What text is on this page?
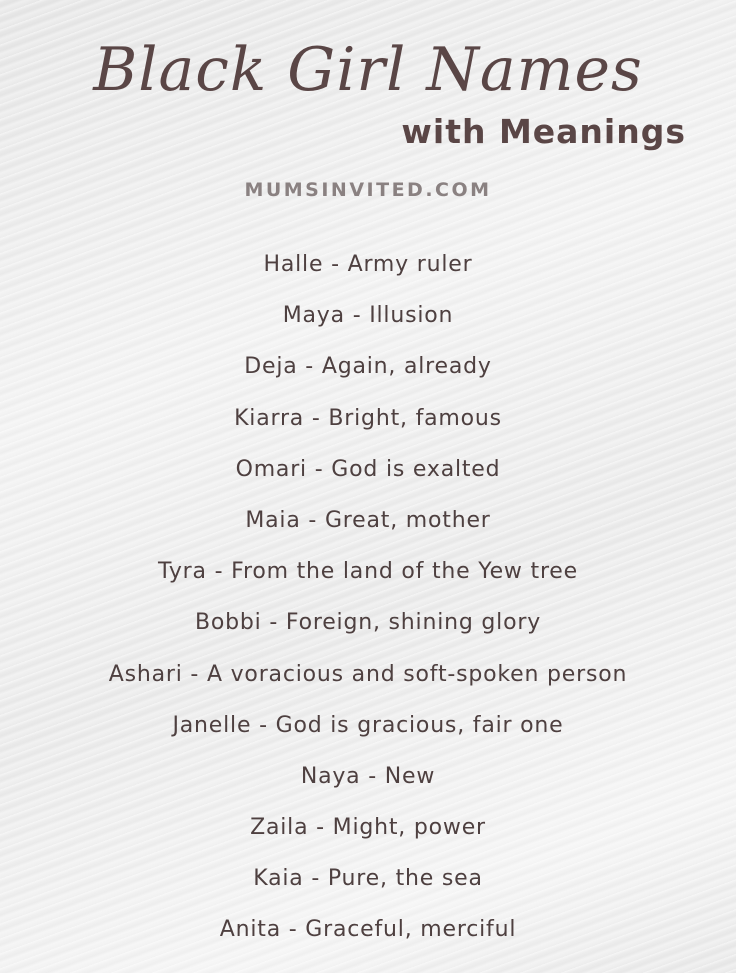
Black Girl Names
with Meanings
MUMSINVITED.COM
Halle - Army ruler
Maya - Illusion
Deja - Again, already
Kiarra - Bright, famous
Omari - God is exalted
Maia - Great, mother
Tyra - From the land of the Yew tree
Bobbi - Foreign, shining glory
Ashari - A voracious and soft-spoken person
Janelle - God is gracious, fair one
Naya - New
Zaila - Might, power
Kaia - Pure, the sea
Anita - Graceful, merciful
